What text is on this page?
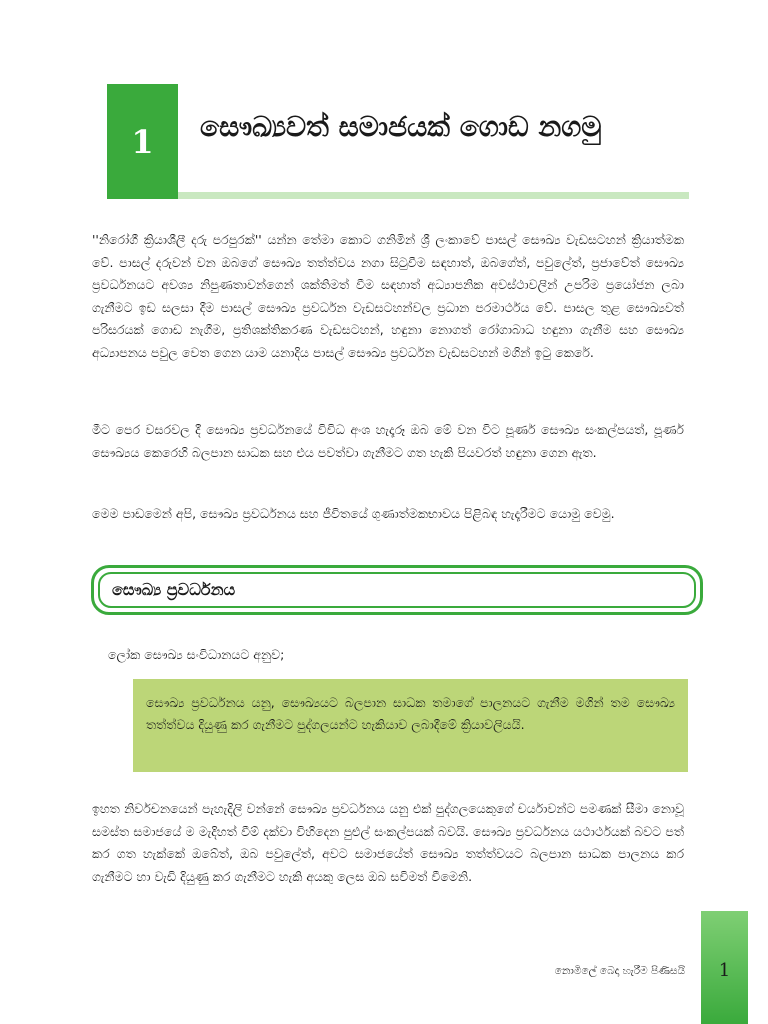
1 සෞඛ්‍යවත් සමාජයක් ගොඩ නගමු

''නිරෝගී ක්‍රියාශීලී දරු පරපුරක්'' යන්න තේමා කොට ගනිමින් ශ්‍රී ලංකාවේ පාසල් සෞඛ්‍ය වැඩසටහන් ක්‍රියාත්මක වේ. පාසල් දරුවන් වන ඔබගේ සෞඛ්‍ය තත්ත්වය නගා සිටුවීම සඳහාත්, ඔබගේත්, පවුලේත්, ප්‍රජාවේත් සෞඛ්‍ය ප්‍රවර්ධනයට අවශ්‍ය නිපුණතාවන්ගෙන් ශක්තිමත් වීම සඳහාත් අධ්‍යාපනික අවස්ථාවලින් උපරිම ප්‍රයෝජන ලබා ගැනීමට ඉඩ සලසා දීම පාසල් සෞඛ්‍ය ප්‍රවර්ධන වැඩසටහන්වල ප්‍රධාන පරමාර්ථය වේ. පාසල තුළ සෞඛ්‍යවත් පරිසරයක් ගොඩ නැගීම, ප්‍රතිශක්තිකරණ වැඩසටහන්, හඳුනා නොගත් රෝගාබාධ හඳුනා ගැනීම සහ සෞඛ්‍ය අධ්‍යාපනය පවුල වෙත ගෙන යාම යනාදිය පාසල් සෞඛ්‍ය ප්‍රවර්ධන වැඩසටහන් මගින් ඉටු කෙරේ.

මීට පෙර වසරවල දී සෞඛ්‍ය ප්‍රවර්ධනයේ විවිධ අංශ හැදෑරූ ඔබ මේ වන විට පූර්ණ සෞඛ්‍ය සංකල්පයත්, පූර්ණ සෞඛ්‍යය කෙරෙහි බලපාන සාධක සහ එය පවත්වා ගැනීමට ගත හැකි පියවරත් හඳුනා ගෙන ඇත.

මෙම පාඩමෙන් අපි, සෞඛ්‍ය ප්‍රවර්ධනය සහ ජීවිතයේ ගුණාත්මකභාවය පිළිබඳ හැදෑරීමට යොමු වෙමු.

සෞඛ්‍ය ප්‍රවර්ධනය

ලෝක සෞඛ්‍ය සංවිධානයට අනුව;

සෞඛ්‍ය ප්‍රවර්ධනය යනු, සෞඛ්‍යයට බලපාන සාධක තමාගේ පාලනයට ගැනීම මගින් තම සෞඛ්‍ය තත්ත්වය දියුණු කර ගැනීමට පුද්ගලයන්ට හැකියාව ලබාදීමේ ක්‍රියාවලියයි.

ඉහත නිර්වචනයෙන් පැහැදිලි වන්නේ සෞඛ්‍ය ප්‍රවර්ධනය යනු එක් පුද්ගලයෙකුගේ චර්යාවන්ට පමණක් සීමා නොවූ සමස්ත සමාජයේ ම මැදිහත් වීම් දක්වා විහිදෙන පුළුල් සංකල්පයක් බවයි. සෞඛ්‍ය ප්‍රවර්ධනය යථාර්ථයක් බවට පත් කර ගත හැක්කේ ඔබේත්, ඔබ පවුලේත්, අවට සමාජයේත් සෞඛ්‍ය තත්ත්වයට බලපාන සාධක පාලනය කර ගැනීමට හා වැඩි දියුණු කර ගැනීමට හැකි අයකු ලෙස ඔබ සවිමත් වීමෙනි.

නොමිලේ බෙදා හැරීම පිණිසයි	1
